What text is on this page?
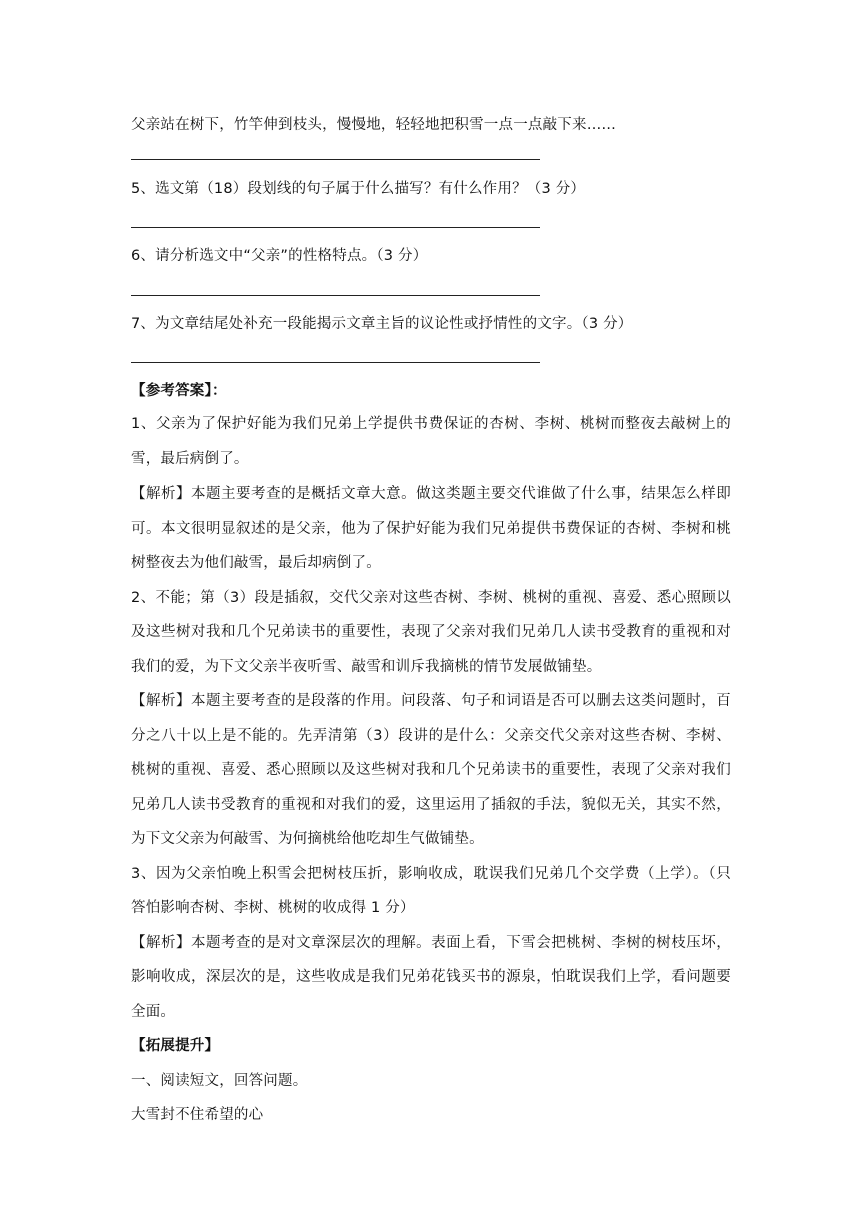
父亲站在树下，竹竿伸到枝头，慢慢地，轻轻地把积雪一点一点敲下来……
5、选文第（18）段划线的句子属于什么描写？有什么作用？（3 分）
6、请分析选文中“父亲”的性格特点。（3 分）
7、为文章结尾处补充一段能揭示文章主旨的议论性或抒情性的文字。（3 分）
【参考答案】：
1、父亲为了保护好能为我们兄弟上学提供书费保证的杏树、李树、桃树而整夜去敲树上的
雪，最后病倒了。
【解析】本题主要考查的是概括文章大意。做这类题主要交代谁做了什么事，结果怎么样即
可。本文很明显叙述的是父亲，他为了保护好能为我们兄弟提供书费保证的杏树、李树和桃
树整夜去为他们敲雪，最后却病倒了。
2、不能；第（3）段是插叙，交代父亲对这些杏树、李树、桃树的重视、喜爱、悉心照顾以
及这些树对我和几个兄弟读书的重要性，表现了父亲对我们兄弟几人读书受教育的重视和对
我们的爱，为下文父亲半夜听雪、敲雪和训斥我摘桃的情节发展做铺垫。
【解析】本题主要考查的是段落的作用。问段落、句子和词语是否可以删去这类问题时，百
分之八十以上是不能的。先弄清第（3）段讲的是什么：父亲交代父亲对这些杏树、李树、
桃树的重视、喜爱、悉心照顾以及这些树对我和几个兄弟读书的重要性，表现了父亲对我们
兄弟几人读书受教育的重视和对我们的爱，这里运用了插叙的手法，貌似无关，其实不然，
为下文父亲为何敲雪、为何摘桃给他吃却生气做铺垫。
3、因为父亲怕晚上积雪会把树枝压折，影响收成，耽误我们兄弟几个交学费（上学）。（只
答怕影响杏树、李树、桃树的收成得 1 分）
【解析】本题考查的是对文章深层次的理解。表面上看，下雪会把桃树、李树的树枝压坏，
影响收成，深层次的是，这些收成是我们兄弟花钱买书的源泉，怕耽误我们上学，看问题要
全面。
【拓展提升】
一、阅读短文，回答问题。
大雪封不住希望的心
